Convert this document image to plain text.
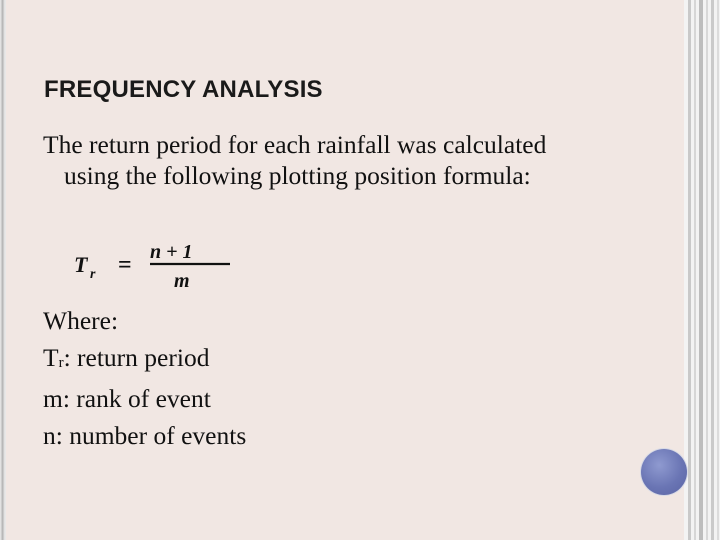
FREQUENCY ANALYSIS
The return period for each rainfall was calculated
using the following plotting position formula:
T r = n + 1
m
Where:
Tr: return period
m: rank of event
n: number of events
